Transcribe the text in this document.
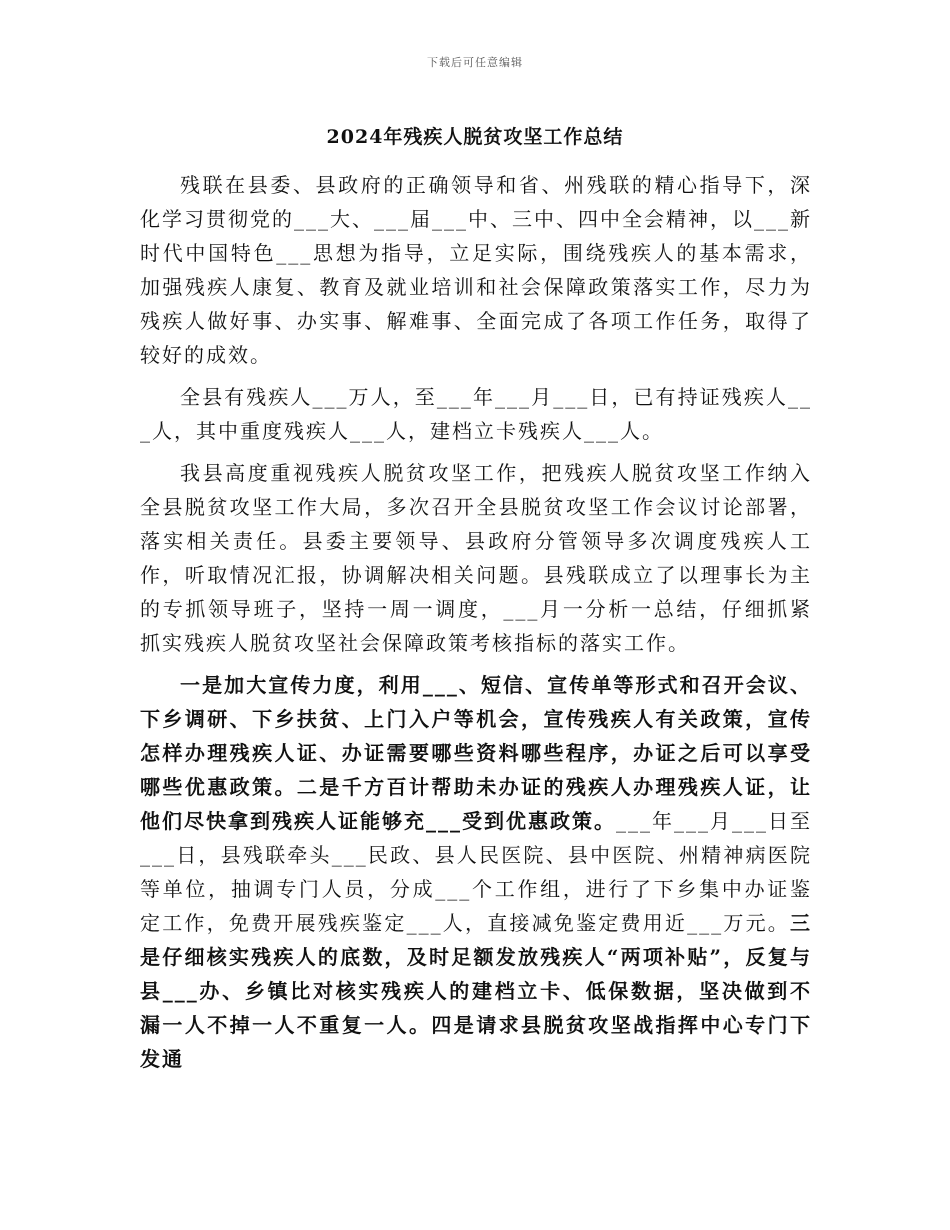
下载后可任意编辑
2024年残疾人脱贫攻坚工作总结

残联在县委、县政府的正确领导和省、州残联的精心指导下，深化学习贯彻党的___大、___届___中、三中、四中全会精神，以___新时代中国特色___思想为指导，立足实际，围绕残疾人的基本需求，加强残疾人康复、教育及就业培训和社会保障政策落实工作，尽力为残疾人做好事、办实事、解难事、全面完成了各项工作任务，取得了较好的成效。

全县有残疾人___万人，至___年___月___日，已有持证残疾人___人，其中重度残疾人___人，建档立卡残疾人___人。

我县高度重视残疾人脱贫攻坚工作，把残疾人脱贫攻坚工作纳入全县脱贫攻坚工作大局，多次召开全县脱贫攻坚工作会议讨论部署，落实相关责任。县委主要领导、县政府分管领导多次调度残疾人工作，听取情况汇报，协调解决相关问题。县残联成立了以理事长为主的专抓领导班子，坚持一周一调度，___月一分析一总结，仔细抓紧抓实残疾人脱贫攻坚社会保障政策考核指标的落实工作。

一是加大宣传力度，利用___、短信、宣传单等形式和召开会议、下乡调研、下乡扶贫、上门入户等机会，宣传残疾人有关政策，宣传怎样办理残疾人证、办证需要哪些资料哪些程序，办证之后可以享受哪些优惠政策。二是千方百计帮助未办证的残疾人办理残疾人证，让他们尽快拿到残疾人证能够充___受到优惠政策。___年___月___日至___日，县残联牵头___民政、县人民医院、县中医院、州精神病医院等单位，抽调专门人员，分成___个工作组，进行了下乡集中办证鉴定工作，免费开展残疾鉴定___人，直接减免鉴定费用近___万元。三是仔细核实残疾人的底数，及时足额发放残疾人“两项补贴”，反复与县___办、乡镇比对核实残疾人的建档立卡、低保数据，坚决做到不漏一人不掉一人不重复一人。四是请求县脱贫攻坚战指挥中心专门下发通
